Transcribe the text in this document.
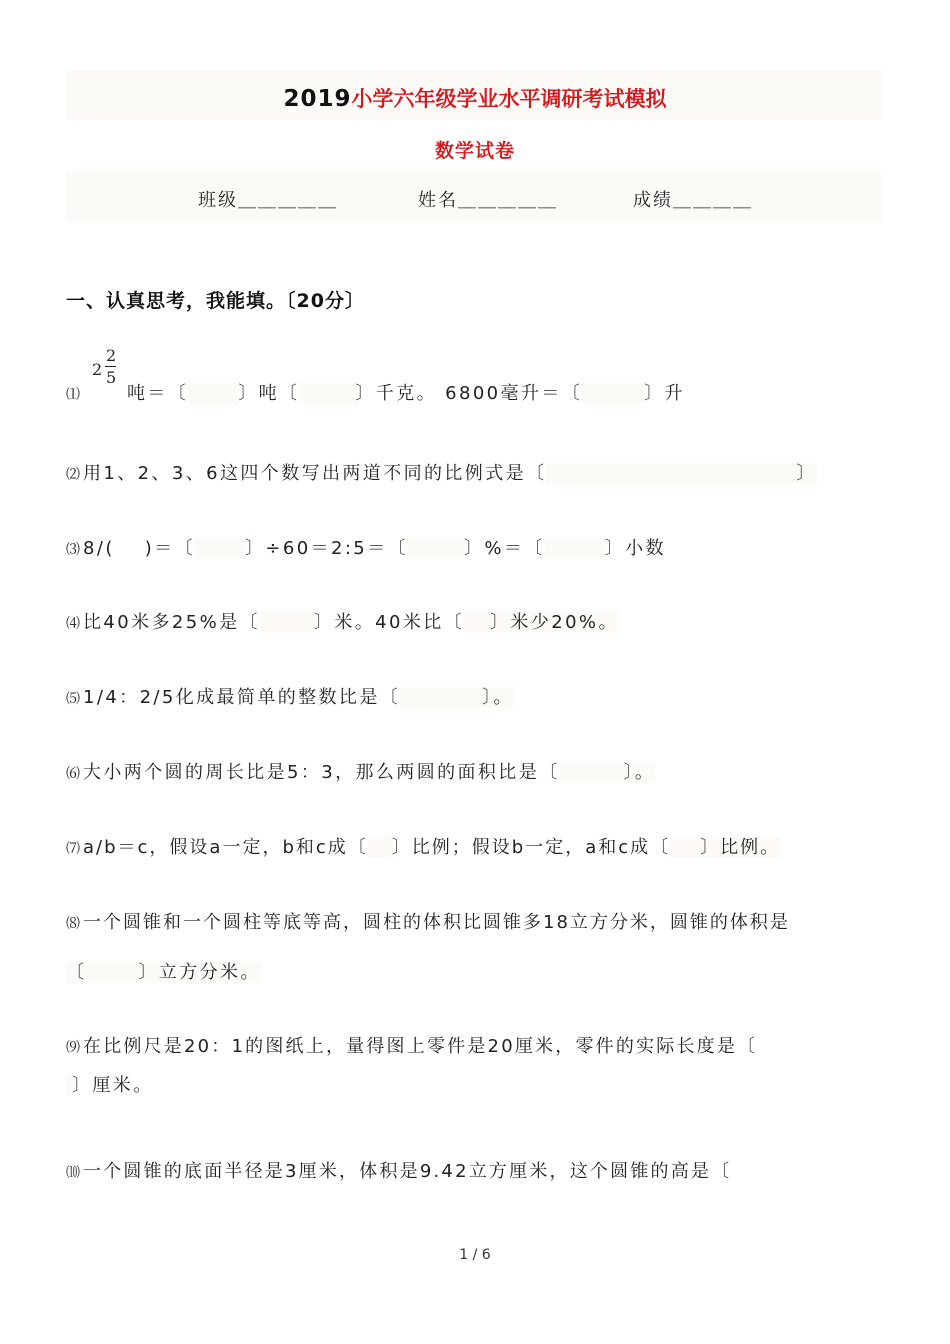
2019小学六年级学业水平调研考试模拟
数学试卷
班级＿＿＿＿＿	姓名＿＿＿＿＿	成绩＿＿＿＿
一、认真思考，我能填。〔20分〕
2
2
5
⑴	吨＝〔	〕吨〔	〕千克。 6800毫升＝〔	〕升
⑵ 用1、2、3、6这四个数写出两道不同的比例式是〔	〕
⑶ 8/( )＝〔	〕÷60＝2:5＝〔	〕%＝〔	〕小数
⑷ 比40米多25%是〔	〕米。40米比〔 〕米少20%。
⑸ 1/4：2/5化成最简单的整数比是〔	〕。
⑹ 大小两个圆的周长比是5：3，那么两圆的面积比是〔	〕。
⑺ a/b＝c，假设a一定，b和c成〔 〕比例；假设b一定，a和c成〔 〕比例。
⑻ 一个圆锥和一个圆柱等底等高，圆柱的体积比圆锥多18立方分米，圆锥的体积是
〔	〕立方分米。
⑼ 在比例尺是20：1的图纸上，量得图上零件是20厘米，零件的实际长度是〔
〕厘米。
⑽ 一个圆锥的底面半径是3厘米，体积是9.42立方厘米，这个圆锥的高是〔
1 / 6
